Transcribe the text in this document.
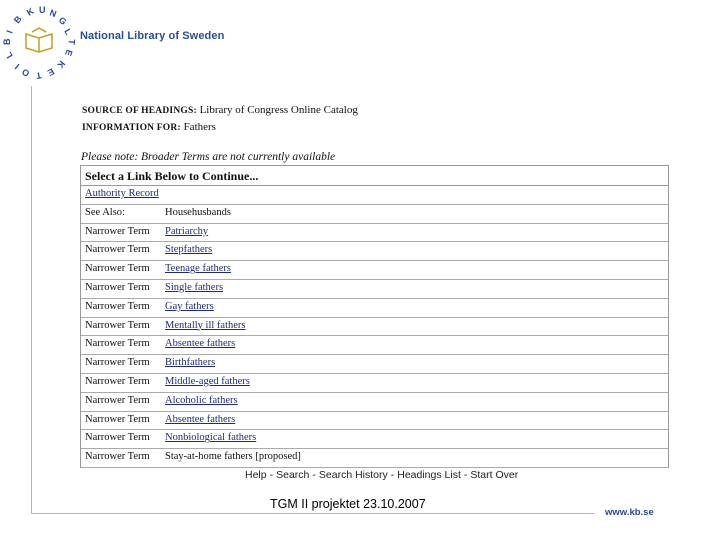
K U N
G
L
B
I
B
L
I
O T E
K
E
T
National Library of Sweden
SOURCE OF HEADINGS: Library of Congress Online Catalog
INFORMATION FOR: Fathers
Please note: Broader Terms are not currently available
Select a Link Below to Continue...
Authority Record
See Also:	Househusbands
Narrower Term Patriarchy
Narrower Term Stepfathers
Narrower Term Teenage fathers
Narrower Term Single fathers
Narrower Term Gay fathers
Narrower Term Mentally ill fathers
Narrower Term Absentee fathers
Narrower Term Birthfathers
Narrower Term Middle-aged fathers
Narrower Term Alcoholic fathers
Narrower Term Absentee fathers
Narrower Term Nonbiological fathers
Narrower Term Stay-at-home fathers [proposed]
Help - Search - Search History - Headings List - Start Over
TGM II projektet 23.10.2007
www.kb.se
